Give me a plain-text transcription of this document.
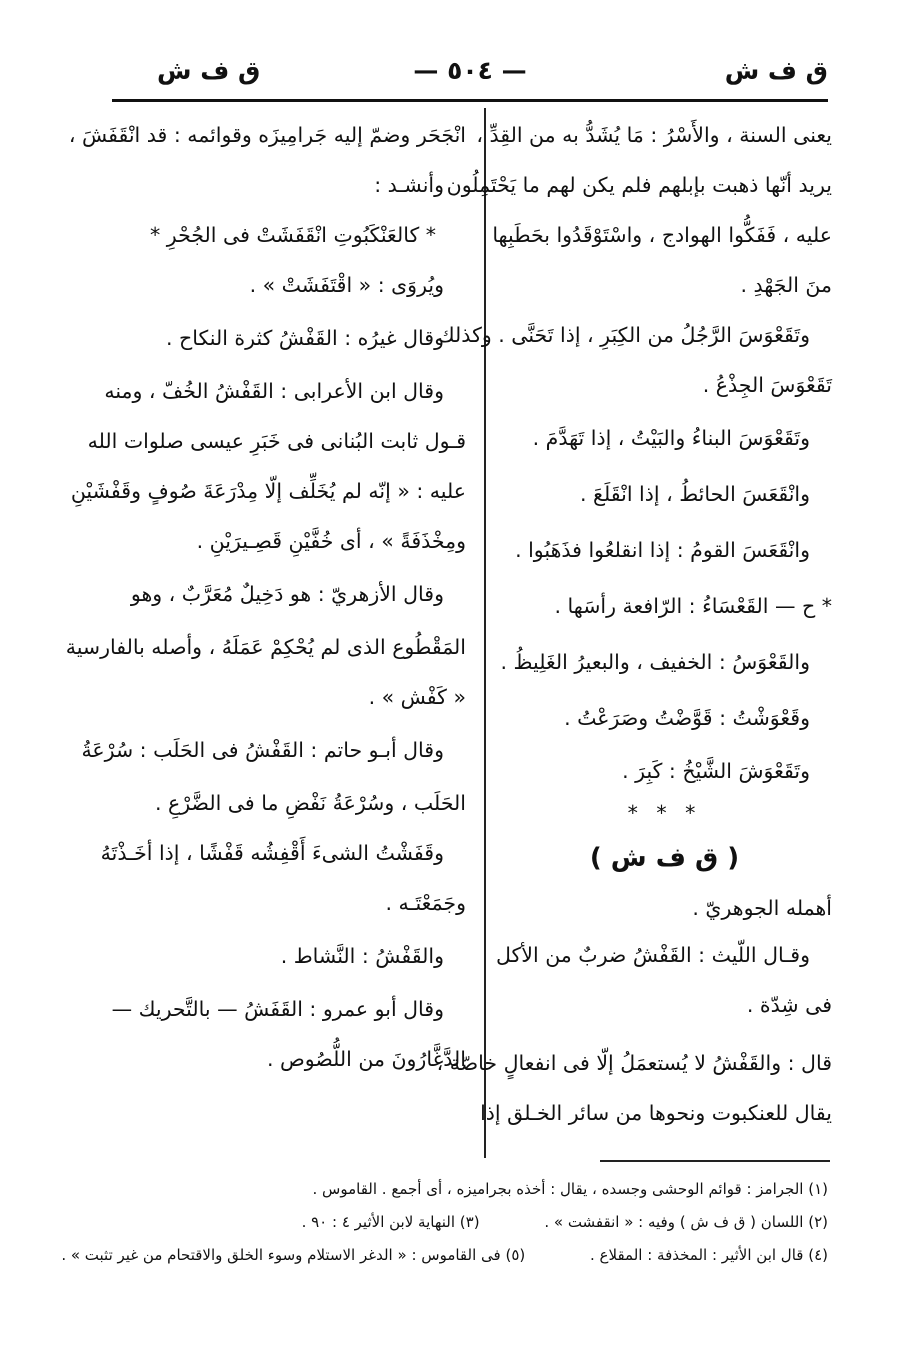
ق ف ش
— ٥٠٤ —
ق ف ش
يعنى السنة ، والأَسْرُ : مَا يُشَدُّ به من القِدِّ ،
يريد أنّها ذهبت بإبلهم فلم يكن لهم ما يَحْتَمِلُون
عليه ، فَفَكُّوا الهوادج ، واسْتَوْقَدُوا بحَطَبِها
منَ الجَهْدِ .
وتَقَعْوَسَ الرَّجُلُ من الكِبَرِ ، إذا تَحَنَّى . وكذلك
تَقَعْوَسَ الجِذْعُ .
وتَقَعْوَسَ البناءُ والبَيْتُ ، إذا تَهَدَّمَ .
وانْقَعَسَ الحائطُ ، إذا انْقَلَعَ .
وانْقَعَسَ القومُ : إذا انقلعُوا فذَهَبُوا .
* ح — القَعْسَاءُ : الرّافعة رأسَها .
والقَعْوَسُ : الخفيف ، والبعيرُ الغَلِيظُ .
وقَعْوَشْتُ : قَوَّضْتُ وصَرَعْتُ .
وتَقَعْوَشَ الشَّيْخُ : كَبِرَ .
* * *
( ق ف ش )
أهمله الجوهريّ .
وقـال اللّيث : القَفْشُ ضربٌ من الأكل
فى شِدّة .
قال : والقَفْشُ لا يُستعمَلُ إلّا فى انفعالٍ خاصّة ،
يقال للعنكبوت ونحوها من سائر الخـلق إذا
انْجَحَر وضمّ إليه جَرامِيزَه وقوائمه : قد انْقَفَشَ ،
وأنشـد :
* كالعَنْكَبُوتِ انْقَفَشَتْ فى الجُحْرِ *
ويُروَى : « اقْتَفَشَتْ » .
وقال غيرُه : القَفْشُ كثرة النكاح .
وقال ابن الأعرابى : القَفْشُ الخُفّ ، ومنه
قـول ثابت البُنانى فى خَبَرِ عيسى صلوات الله
عليه : « إنّه لم يُخَلِّف إلّا مِدْرَعَةَ صُوفٍ وقَفْشَيْنِ
ومِخْذَفَةً » ، أى خُفَّيْنِ قَصِـيرَيْنِ .
وقال الأزهريّ : هو دَخِيلٌ مُعَرَّبٌ ، وهو
المَقْطُوع الذى لم يُحْكِمْ عَمَلَهُ ، وأصله بالفارسية
« كَفْش » .
وقال أبـو حاتم : القَفْشُ فى الحَلَب : سُرْعَةُ
الحَلَب ، وسُرْعَةُ نَفْضِ ما فى الضَّرْعِ .
وقَفَشْتُ الشىءَ أَقْفِشُه قَفْشًا ، إذا أخَـذْتَهُ
وجَمَعْتَـه .
والقَفْشُ : النَّشاط .
وقال أبو عمرو : القَفَشُ — بالتَّحريك —
الدَّغَّارُونَ من اللُّصُوص .
(١) الجرامز : قوائم الوحشى وجسده ، يقال : أخذه بجراميزه ، أى أجمع . القاموس .
(٢) اللسان ( ق ف ش ) وفيه : « انقفشت » . (٣) النهاية لابن الأثير ٤ : ٩٠ .
(٤) قال ابن الأثير : المخذفة : المقلاع . (٥) فى القاموس : « الدغر الاستلام وسوء الخلق والاقتحام من غير تثبت » .
